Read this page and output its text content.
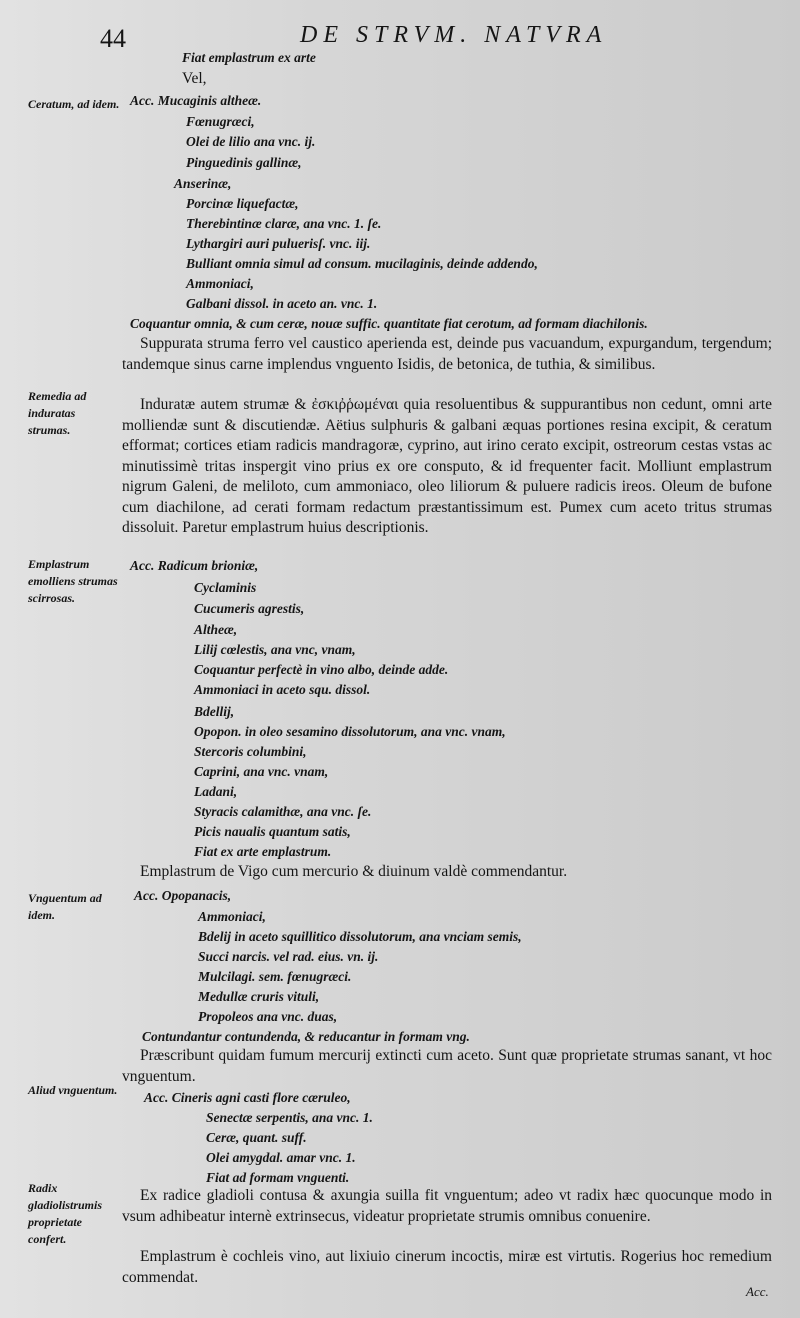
44	DE STRVM. NATVRA
Ceratum, ad idem.
Remedia ad induratas strumas.
Emplastrum emolliens strumas scirrosas.
Vnguentum ad idem.
Aliud vnguentum.
Radix gladiolistrumis proprietate confert.
Fiat emplastrum ex arte
Vel,
Acc. Mucaginis altheæ.
Fœnugræci,
Olei de lilio ana vnc. ij.
Pinguedinis gallinæ,
Anserinæ,
Porcinæ liquefactæ,
Therebintinæ claræ, ana vnc. 1. ſe.
Lythargiri auri puluerisſ. vnc. iij.
Bulliant omnia simul ad consum. mucilaginis, deinde addendo,
Ammoniaci,
Galbani dissol. in aceto an. vnc. 1.
Coquantur omnia, & cum ceræ, nouæ suffic. quantitate fiat cerotum, ad formam diachilonis.
Suppurata struma ferro vel caustico aperienda est, deinde pus vacuandum, expurgandum, tergendum; tandemque sinus carne implendus vnguento Isidis, de betonica, de tuthia, & similibus.
Induratæ autem strumæ & ἐσκιῤῥωμέναι quia resoluentibus & suppurantibus non cedunt, omni arte molliendæ sunt & discutiendæ. Aëtius sulphuris & galbani æquas portiones resina excipit, & ceratum efformat; cortices etiam radicis mandragoræ, cyprino, aut irino cerato excipit, ostreorum cestas vstas ac minutissimè tritas inspergit vino prius ex ore consputo, & id frequenter facit. Molliunt emplastrum nigrum Galeni, de meliloto, cum ammoniaco, oleo liliorum & puluere radicis ireos. Oleum de bufone cum diachilone, ad cerati formam redactum præstantissimum est. Pumex cum aceto tritus strumas dissoluit. Paretur emplastrum huius descriptionis.
Acc. Radicum brioniæ,
Cyclaminis
Cucumeris agrestis,
Altheæ,
Lilij cœlestis, ana vnc, vnam,
Coquantur perfectè in vino albo, deinde adde.
Ammoniaci in aceto squ. dissol.
Bdellij,
Opopon. in oleo sesamino dissolutorum, ana vnc. vnam,
Stercoris columbini,
Caprini, ana vnc. vnam,
Ladani,
Styracis calamithæ, ana vnc. ſe.
Picis naualis quantum satis,
Fiat ex arte emplastrum.
Emplastrum de Vigo cum mercurio & diuinum valdè commendantur.
Acc. Opopanacis,
Ammoniaci,
Bdelij in aceto squillitico dissolutorum, ana vnciam semis,
Succi narcis. vel rad. eius. vn. ij.
Mulcilagi. sem. fœnugræci.
Medullæ cruris vituli,
Propoleos ana vnc. duas,
Contundantur contundenda, & reducantur in formam vng.
Præscribunt quidam fumum mercurij extincti cum aceto. Sunt quæ proprietate strumas sanant, vt hoc vnguentum.
Acc. Cineris agni casti flore cæruleo,
Senectæ serpentis, ana vnc. 1.
Ceræ, quant. suff.
Olei amygdal. amar vnc. 1.
Fiat ad formam vnguenti.
Ex radice gladioli contusa & axungia suilla fit vnguentum; adeo vt radix hæc quocunque modo in vsum adhibeatur internè extrinsecus, videatur proprietate strumis omnibus conuenire.
Emplastrum è cochleis vino, aut lixiuio cinerum incoctis, miræ est virtutis. Rogerius hoc remedium commendat.
Acc.
